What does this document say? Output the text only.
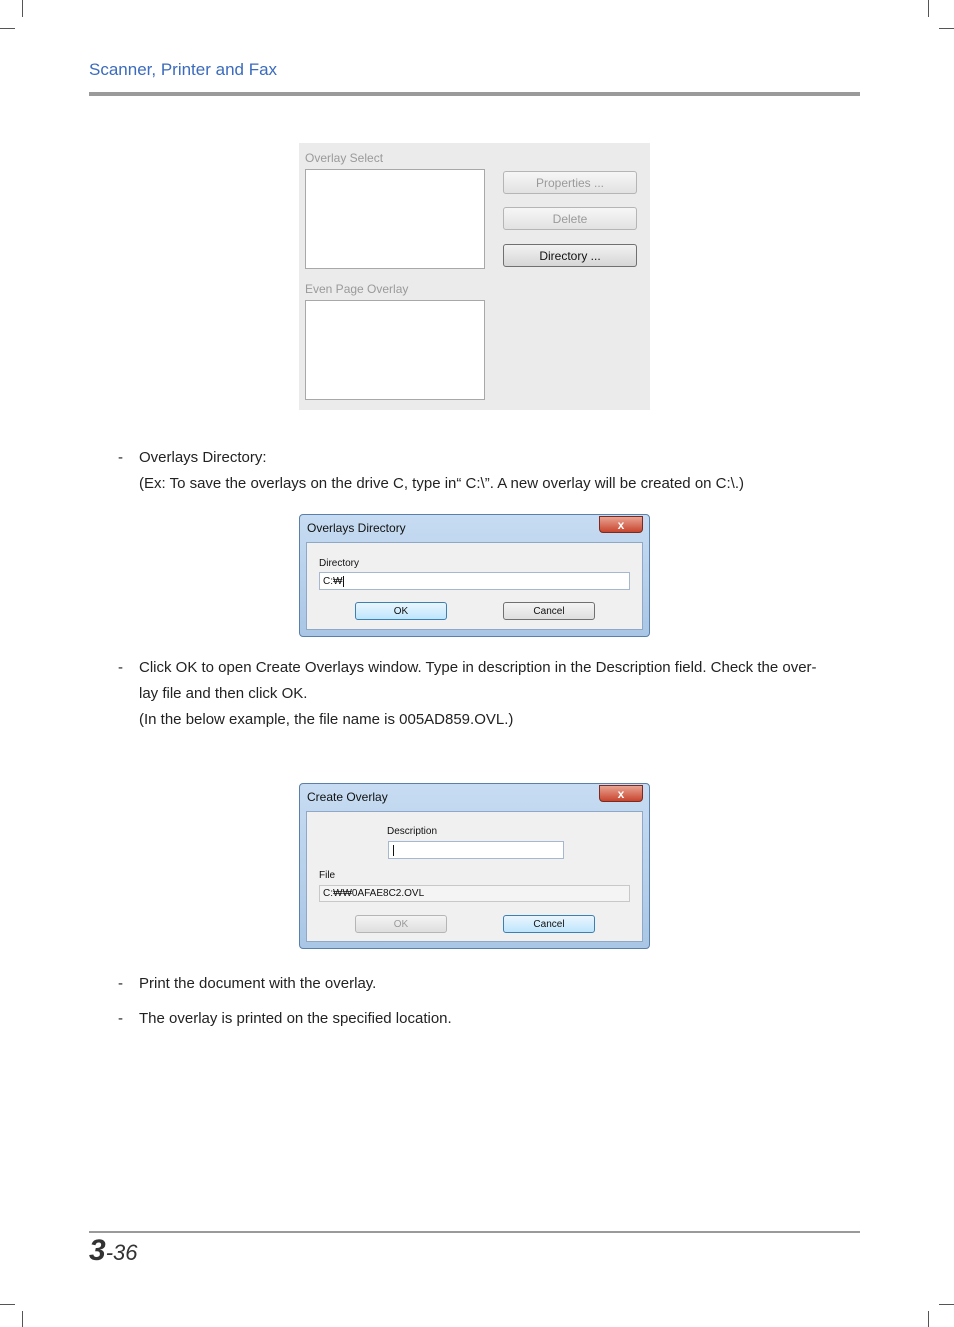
Scanner, Printer and Fax
Overlay Select
Even Page Overlay
Properties ...
Delete
Directory ...
- Overlays Directory:
(Ex: To save the overlays on the drive C, type in“ C:\”. A new overlay will be created on C:\.)
Overlays Directory	x
Directory
C:₩
OK	Cancel
- Click OK to open Create Overlays window. Type in description in the Description field. Check the over-
lay file and then click OK.
(In the below example, the file name is 005AD859.OVL.)
Create Overlay	x
Description
File
C:₩₩0AFAE8C2.OVL
OK	Cancel
- Print the document with the overlay.
- The overlay is printed on the specified location.
3-36
